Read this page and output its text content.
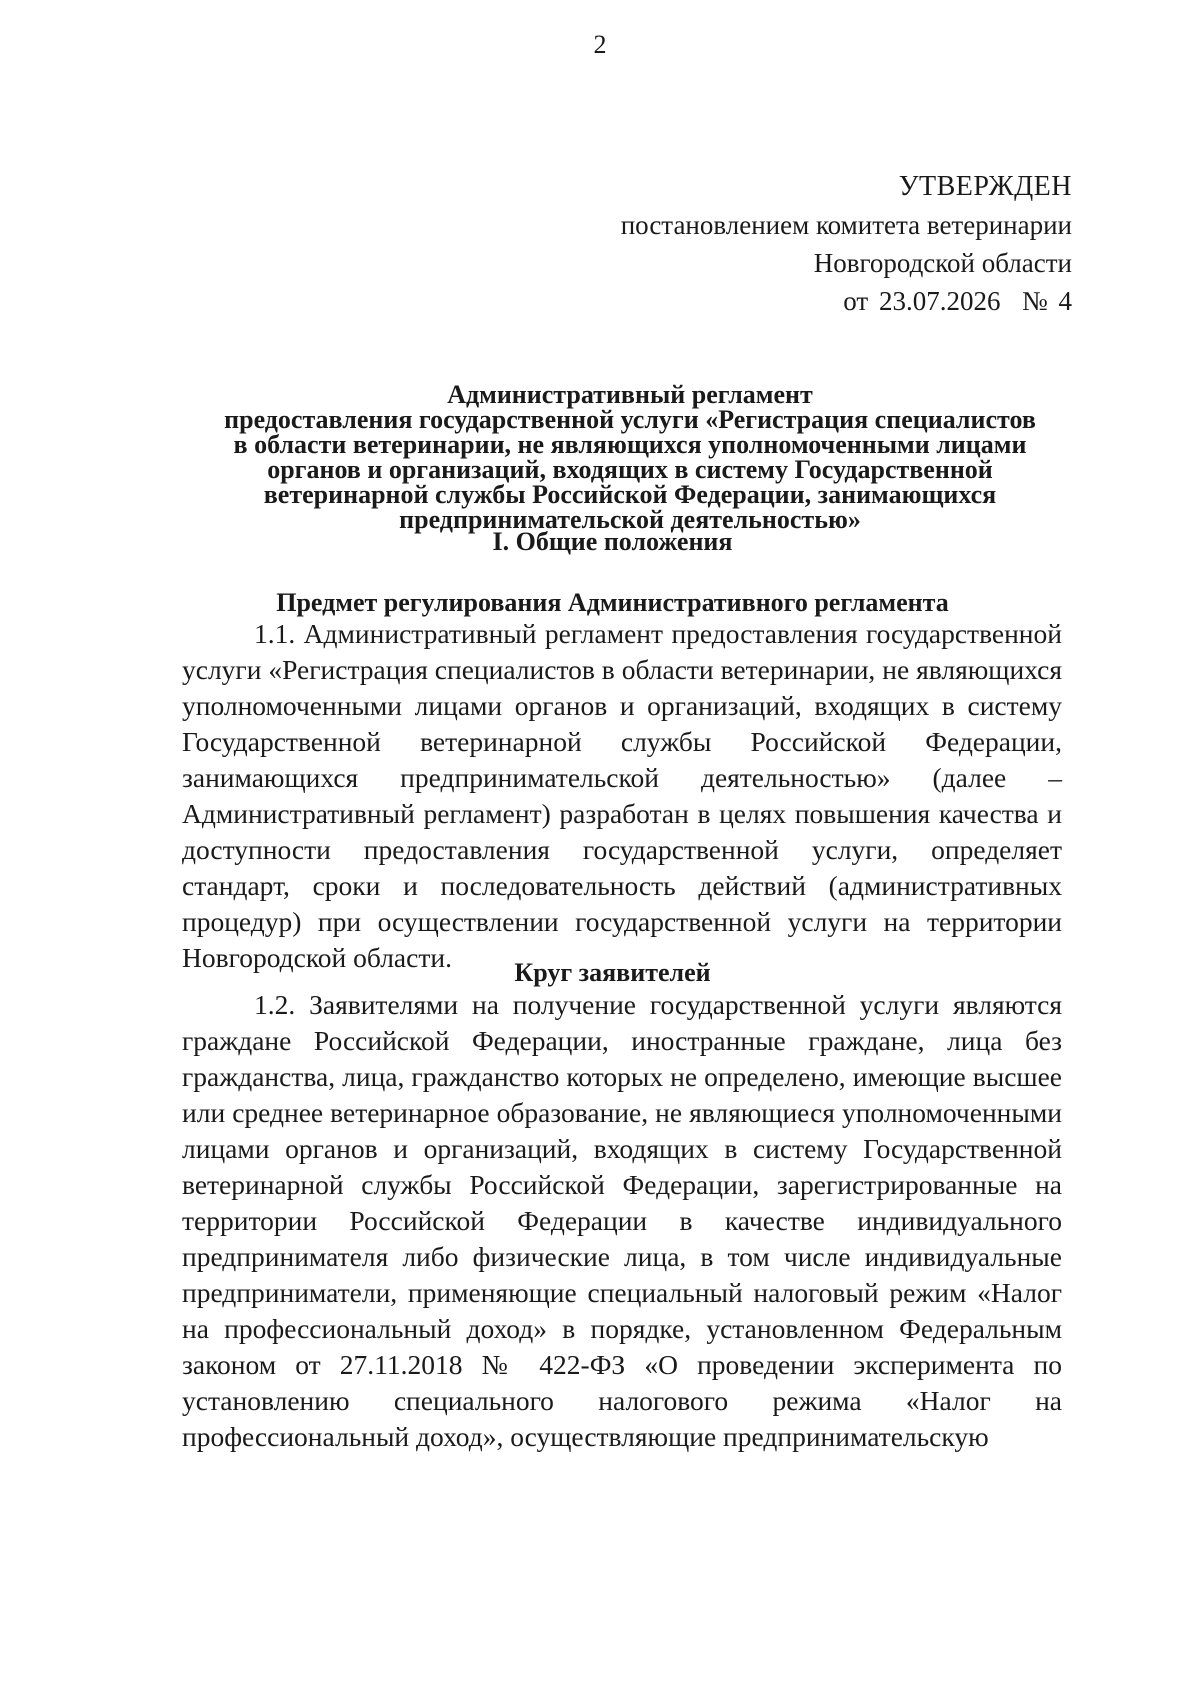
2
УТВЕРЖДЕН
постановлением комитета ветеринарии
Новгородской области
от 23.07.2026  № 4
Административный регламент
предоставления государственной услуги «Регистрация специалистов
в области ветеринарии, не являющихся уполномоченными лицами
органов и организаций, входящих в систему Государственной
ветеринарной службы Российской Федерации, занимающихся
предпринимательской деятельностью»
I. Общие положения
Предмет регулирования Административного регламента

1.1. Административный регламент предоставления государственной услуги «Регистрация специалистов в области ветеринарии, не являющихся уполномоченными лицами органов и организаций, входящих в систему Государственной ветеринарной службы Российской Федерации, занимающихся предпринимательской деятельностью» (далее – Административный регламент) разработан в целях повышения качества и доступности предоставления государственной услуги, определяет стандарт, сроки и последовательность действий (административных процедур) при осуществлении государственной услуги на территории Новгородской области.	Круг заявителей

1.2. Заявителями на получение государственной услуги являются граждане Российской Федерации, иностранные граждане, лица без гражданства, лица, гражданство которых не определено, имеющие высшее или среднее ветеринарное образование, не являющиеся уполномоченными лицами органов и организаций, входящих в систему Государственной ветеринарной службы Российской Федерации, зарегистрированные на территории Российской Федерации в качестве индивидуального предпринимателя либо физические лица, в том числе индивидуальные предприниматели, применяющие специальный налоговый режим «Налог на профессиональный доход» в порядке, установленном Федеральным законом от 27.11.2018 № 422-ФЗ «О проведении эксперимента по установлению специального налогового режима «Налог на профессиональный доход», осуществляющие предпринимательскую
